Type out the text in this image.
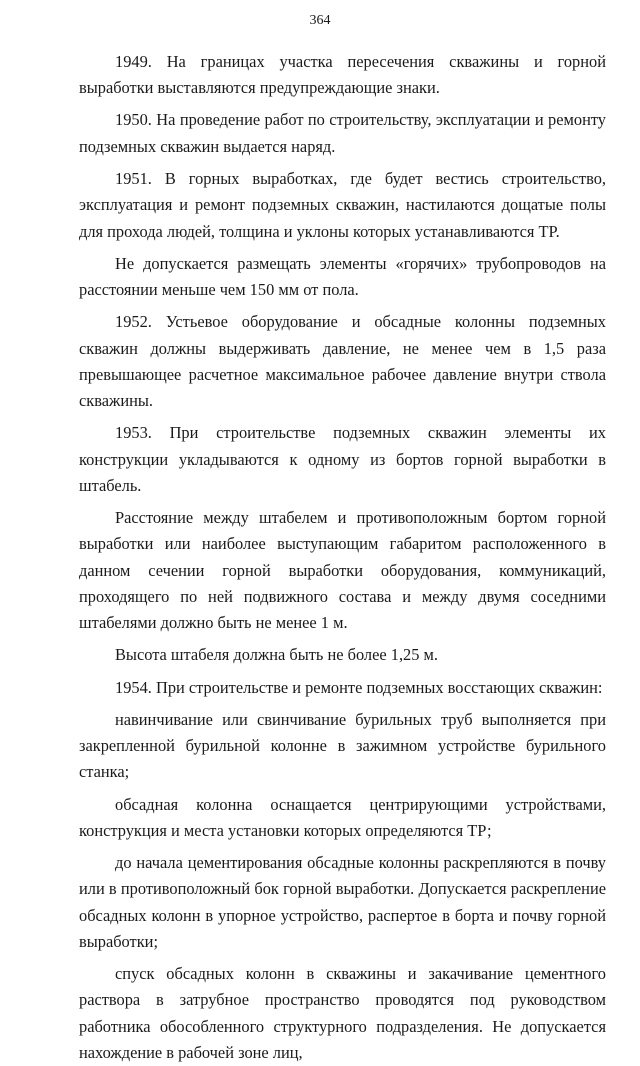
364

1949. На границах участка пересечения скважины и горной выработки выставляются предупреждающие знаки.

1950. На проведение работ по строительству, эксплуатации и ремонту подземных скважин выдается наряд.

1951. В горных выработках, где будет вестись строительство, эксплуатация и ремонт подземных скважин, настилаются дощатые полы для прохода людей, толщина и уклоны которых устанавливаются ТР.

Не допускается размещать элементы «горячих» трубопроводов на расстоянии меньше чем 150 мм от пола.

1952. Устьевое оборудование и обсадные колонны подземных скважин должны выдерживать давление, не менее чем в 1,5 раза превышающее расчетное максимальное рабочее давление внутри ствола скважины.

1953. При строительстве подземных скважин элементы их конструкции укладываются к одному из бортов горной выработки в штабель.

Расстояние между штабелем и противоположным бортом горной выработки или наиболее выступающим габаритом расположенного в данном сечении горной выработки оборудования, коммуникаций, проходящего по ней подвижного состава и между двумя соседними штабелями должно быть не менее 1 м.

Высота штабеля должна быть не более 1,25 м.

1954. При строительстве и ремонте подземных восстающих скважин:

навинчивание или свинчивание бурильных труб выполняется при закрепленной бурильной колонне в зажимном устройстве бурильного станка;

обсадная колонна оснащается центрирующими устройствами, конструкция и места установки которых определяются ТР;

до начала цементирования обсадные колонны раскрепляются в почву или в противоположный бок горной выработки. Допускается раскрепление обсадных колонн в упорное устройство, распертое в борта и почву горной выработки;

спуск обсадных колонн в скважины и закачивание цементного раствора в затрубное пространство проводятся под руководством работника обособленного структурного подразделения. Не допускается нахождение в рабочей зоне лиц,
